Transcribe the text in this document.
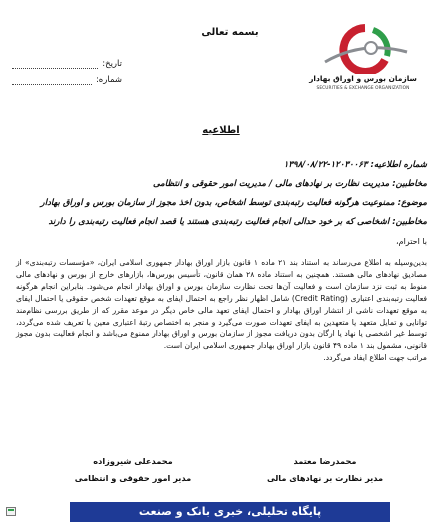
بسمه تعالی
تاریخ:
شماره:	سازمان بورس و اوراق بهادار
SECURITIES & EXCHANGE ORGANIZATION
اطلاعیه
شماره اطلاعیه: ۱۲۰۳۰۰۶۳-۱۳۹۸/۰۸/۲۲
مخاطبین: مدیریت نظارت بر نهادهای مالی / مدیریت امور حقوقی و انتظامی
موضوع: ممنوعیت هرگونه فعالیت رتبه‌بندی توسط اشخاص، بدون اخذ مجوز از سازمان بورس و اوراق بهادار
مخاطبین: اشخاصی که بر خود حدالی انجام فعالیت رتبه‌بندی هستند یا قصد انجام فعالیت رتبه‌بندی را دارند
با احترام،
بدین‌وسیله به اطلاع می‌رساند به استناد بند ۲۱ ماده ۱ قانون بازار اوراق بهادار جمهوری اسلامی ایران، «مؤسسات رتبه‌بندی» از مصادیق نهادهای مالی هستند. همچنین به استناد ماده ۲۸ همان قانون، تأسیس بورس‌ها، بازارهای خارج از بورس و نهادهای مالی منوط به ثبت نزد سازمان است و فعالیت آن‌ها تحت نظارت سازمان بورس و اوراق بهادار انجام می‌شود. بنابراین انجام هرگونه فعالیت رتبه‌بندی اعتباری (Credit Rating) شامل اظهار نظر راجع به احتمال ایفای به موقع تعهدات شخص حقوقی یا احتمال ایفای به موقع تعهدات ناشی از انتشار اوراق بهادار و احتمال ایفای تعهد مالی خاص دیگر در موعد مقرر که از طریق بررسی نظام‌مند توانایی و تمایل متعهد یا متعهدین به ایفای تعهدات صورت می‌گیرد و منجر به اختصاص رتبهٔ اعتباری معین با تعریف شده می‌گردد، توسط غیر اشخصی یا نهاد یا ارگان بدون دریافت مجوز از سازمان بورس و اوراق بهادار ممنوع می‌باشد و انجام فعالیت بدون مجوز قانونی، مشمول بند ۱ ماده ۴۹ قانون بازار اوراق بهادار جمهوری اسلامی ایران است.
مراتب جهت اطلاع ایفاد می‌گردد.
محمدرضا معتمد
مدیر نظارت بر نهادهای مالی
محمدعلی شیروزاده
مدیر امور حقوقی و انتظامی
پایگاه تحلیلی، خبری بانک و صنعت
